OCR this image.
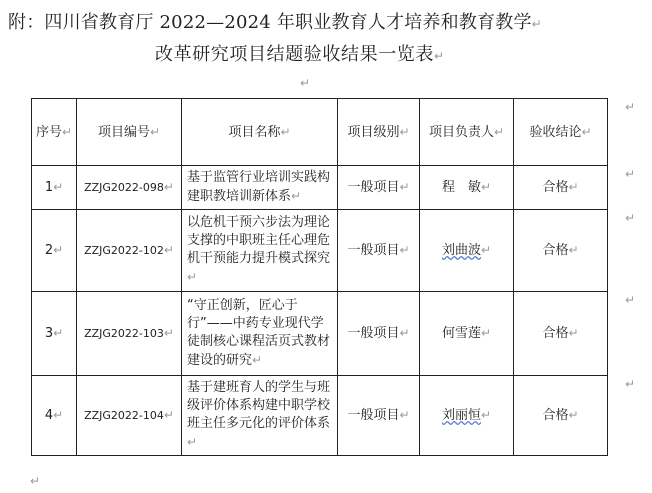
附：四川省教育厅 2022—2024 年职业教育人才培养和教育教学↵
改革研究项目结题验收结果一览表↵
↵
序号↵	项目编号↵	项目名称↵	项目级别↵	项目负责人↵	验收结论↵
1↵	ZZJG2022-098↵	基于监管行业培训实践构建职教培训新体系↵	一般项目↵	程　敏↵	合格↵
2↵	ZZJG2022-102↵	以危机干预六步法为理论支撑的中职班主任心理危机干预能力提升模式探究↵	一般项目↵	刘曲波↵	合格↵
3↵	ZZJG2022-103↵	“守正创新，匠心于行”——中药专业现代学徒制核心课程活页式教材建设的研究↵	一般项目↵	何雪莲↵	合格↵
4↵	ZZJG2022-104↵	基于建班育人的学生与班级评价体系构建中职学校班主任多元化的评价体系↵	一般项目↵	刘丽恒↵	合格↵
↵
↵
↵
↵
↵
↵
